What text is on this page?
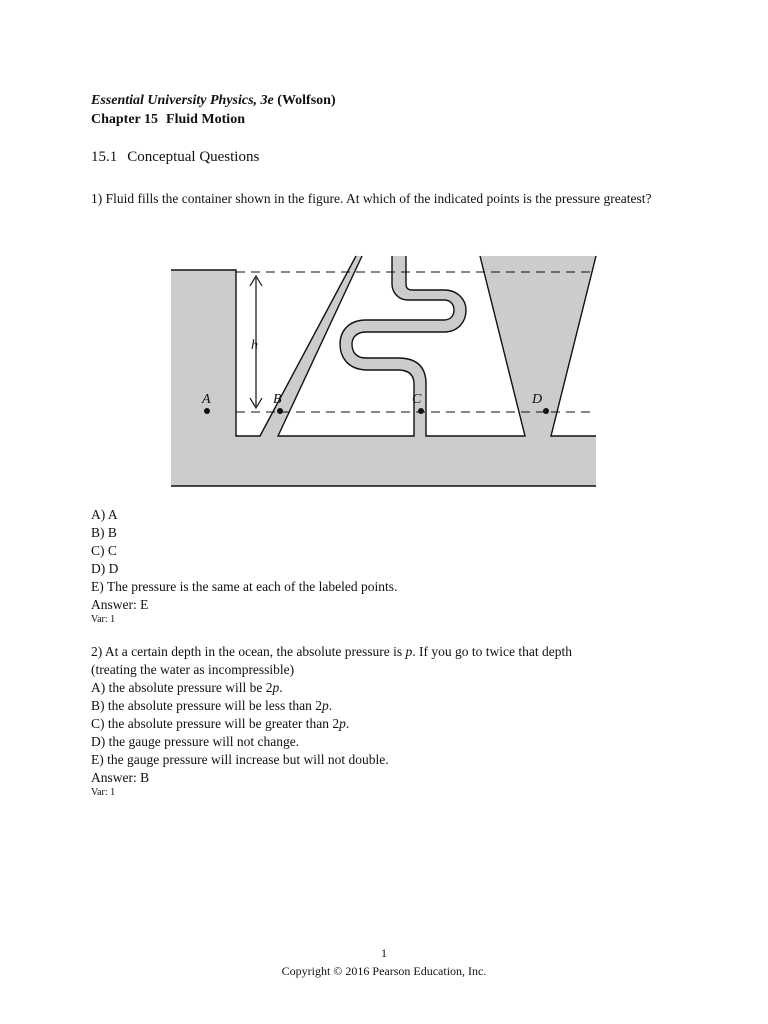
Essential University Physics, 3e (Wolfson)
Chapter 15 Fluid Motion
15.1 Conceptual Questions
1) Fluid fills the container shown in the figure. At which of the indicated points is the pressure greatest?
h
A	B	C	D
A) A
B) B
C) C
D) D
E) The pressure is the same at each of the labeled points.
Answer: E
Var: 1
2) At a certain depth in the ocean, the absolute pressure is p. If you go to twice that depth
(treating the water as incompressible)
A) the absolute pressure will be 2p.
B) the absolute pressure will be less than 2p.
C) the absolute pressure will be greater than 2p.
D) the gauge pressure will not change.
E) the gauge pressure will increase but will not double.
Answer: B
Var: 1
1
Copyright © 2016 Pearson Education, Inc.
